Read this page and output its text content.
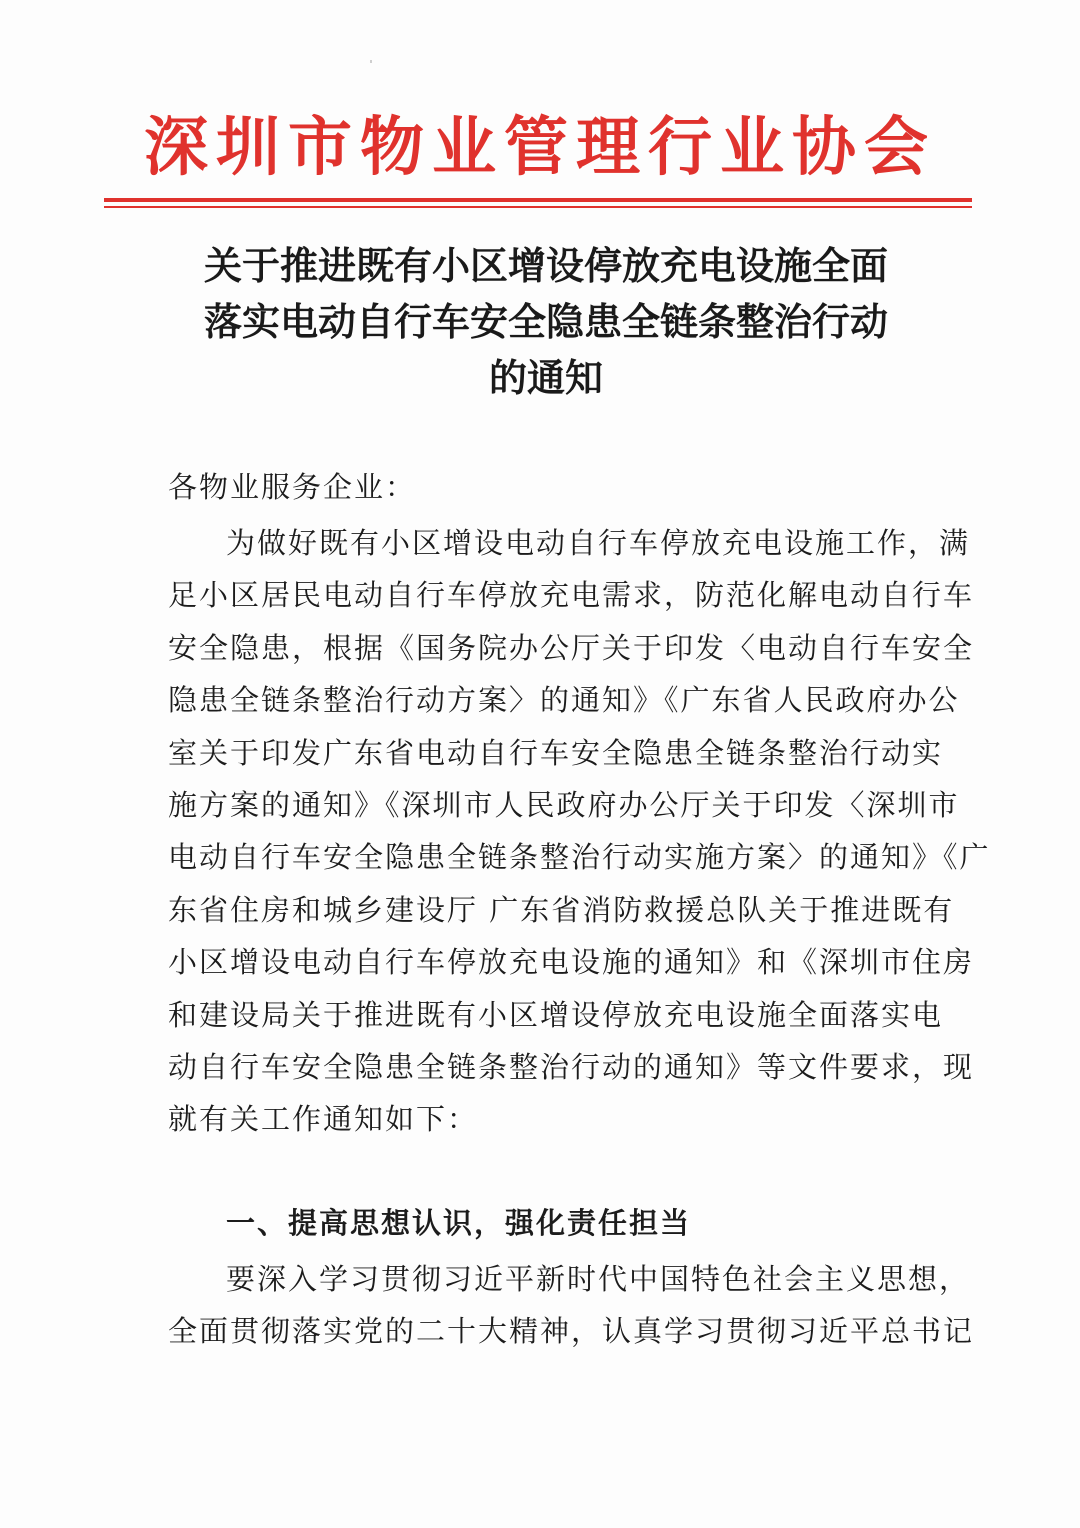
深圳市物业管理行业协会
关于推进既有小区增设停放充电设施全面
落实电动自行车安全隐患全链条整治行动
的通知
各物业服务企业：
为做好既有小区增设电动自行车停放充电设施工作，满
足小区居民电动自行车停放充电需求，防范化解电动自行车
安全隐患，根据《国务院办公厅关于印发〈电动自行车安全
隐患全链条整治行动方案〉的通知》《广东省人民政府办公
室关于印发广东省电动自行车安全隐患全链条整治行动实
施方案的通知》《深圳市人民政府办公厅关于印发〈深圳市
电动自行车安全隐患全链条整治行动实施方案〉的通知》《广
东省住房和城乡建设厅 广东省消防救援总队关于推进既有
小区增设电动自行车停放充电设施的通知》和《深圳市住房
和建设局关于推进既有小区增设停放充电设施全面落实电
动自行车安全隐患全链条整治行动的通知》等文件要求，现
就有关工作通知如下：
一、提高思想认识，强化责任担当
要深入学习贯彻习近平新时代中国特色社会主义思想，
全面贯彻落实党的二十大精神，认真学习贯彻习近平总书记
